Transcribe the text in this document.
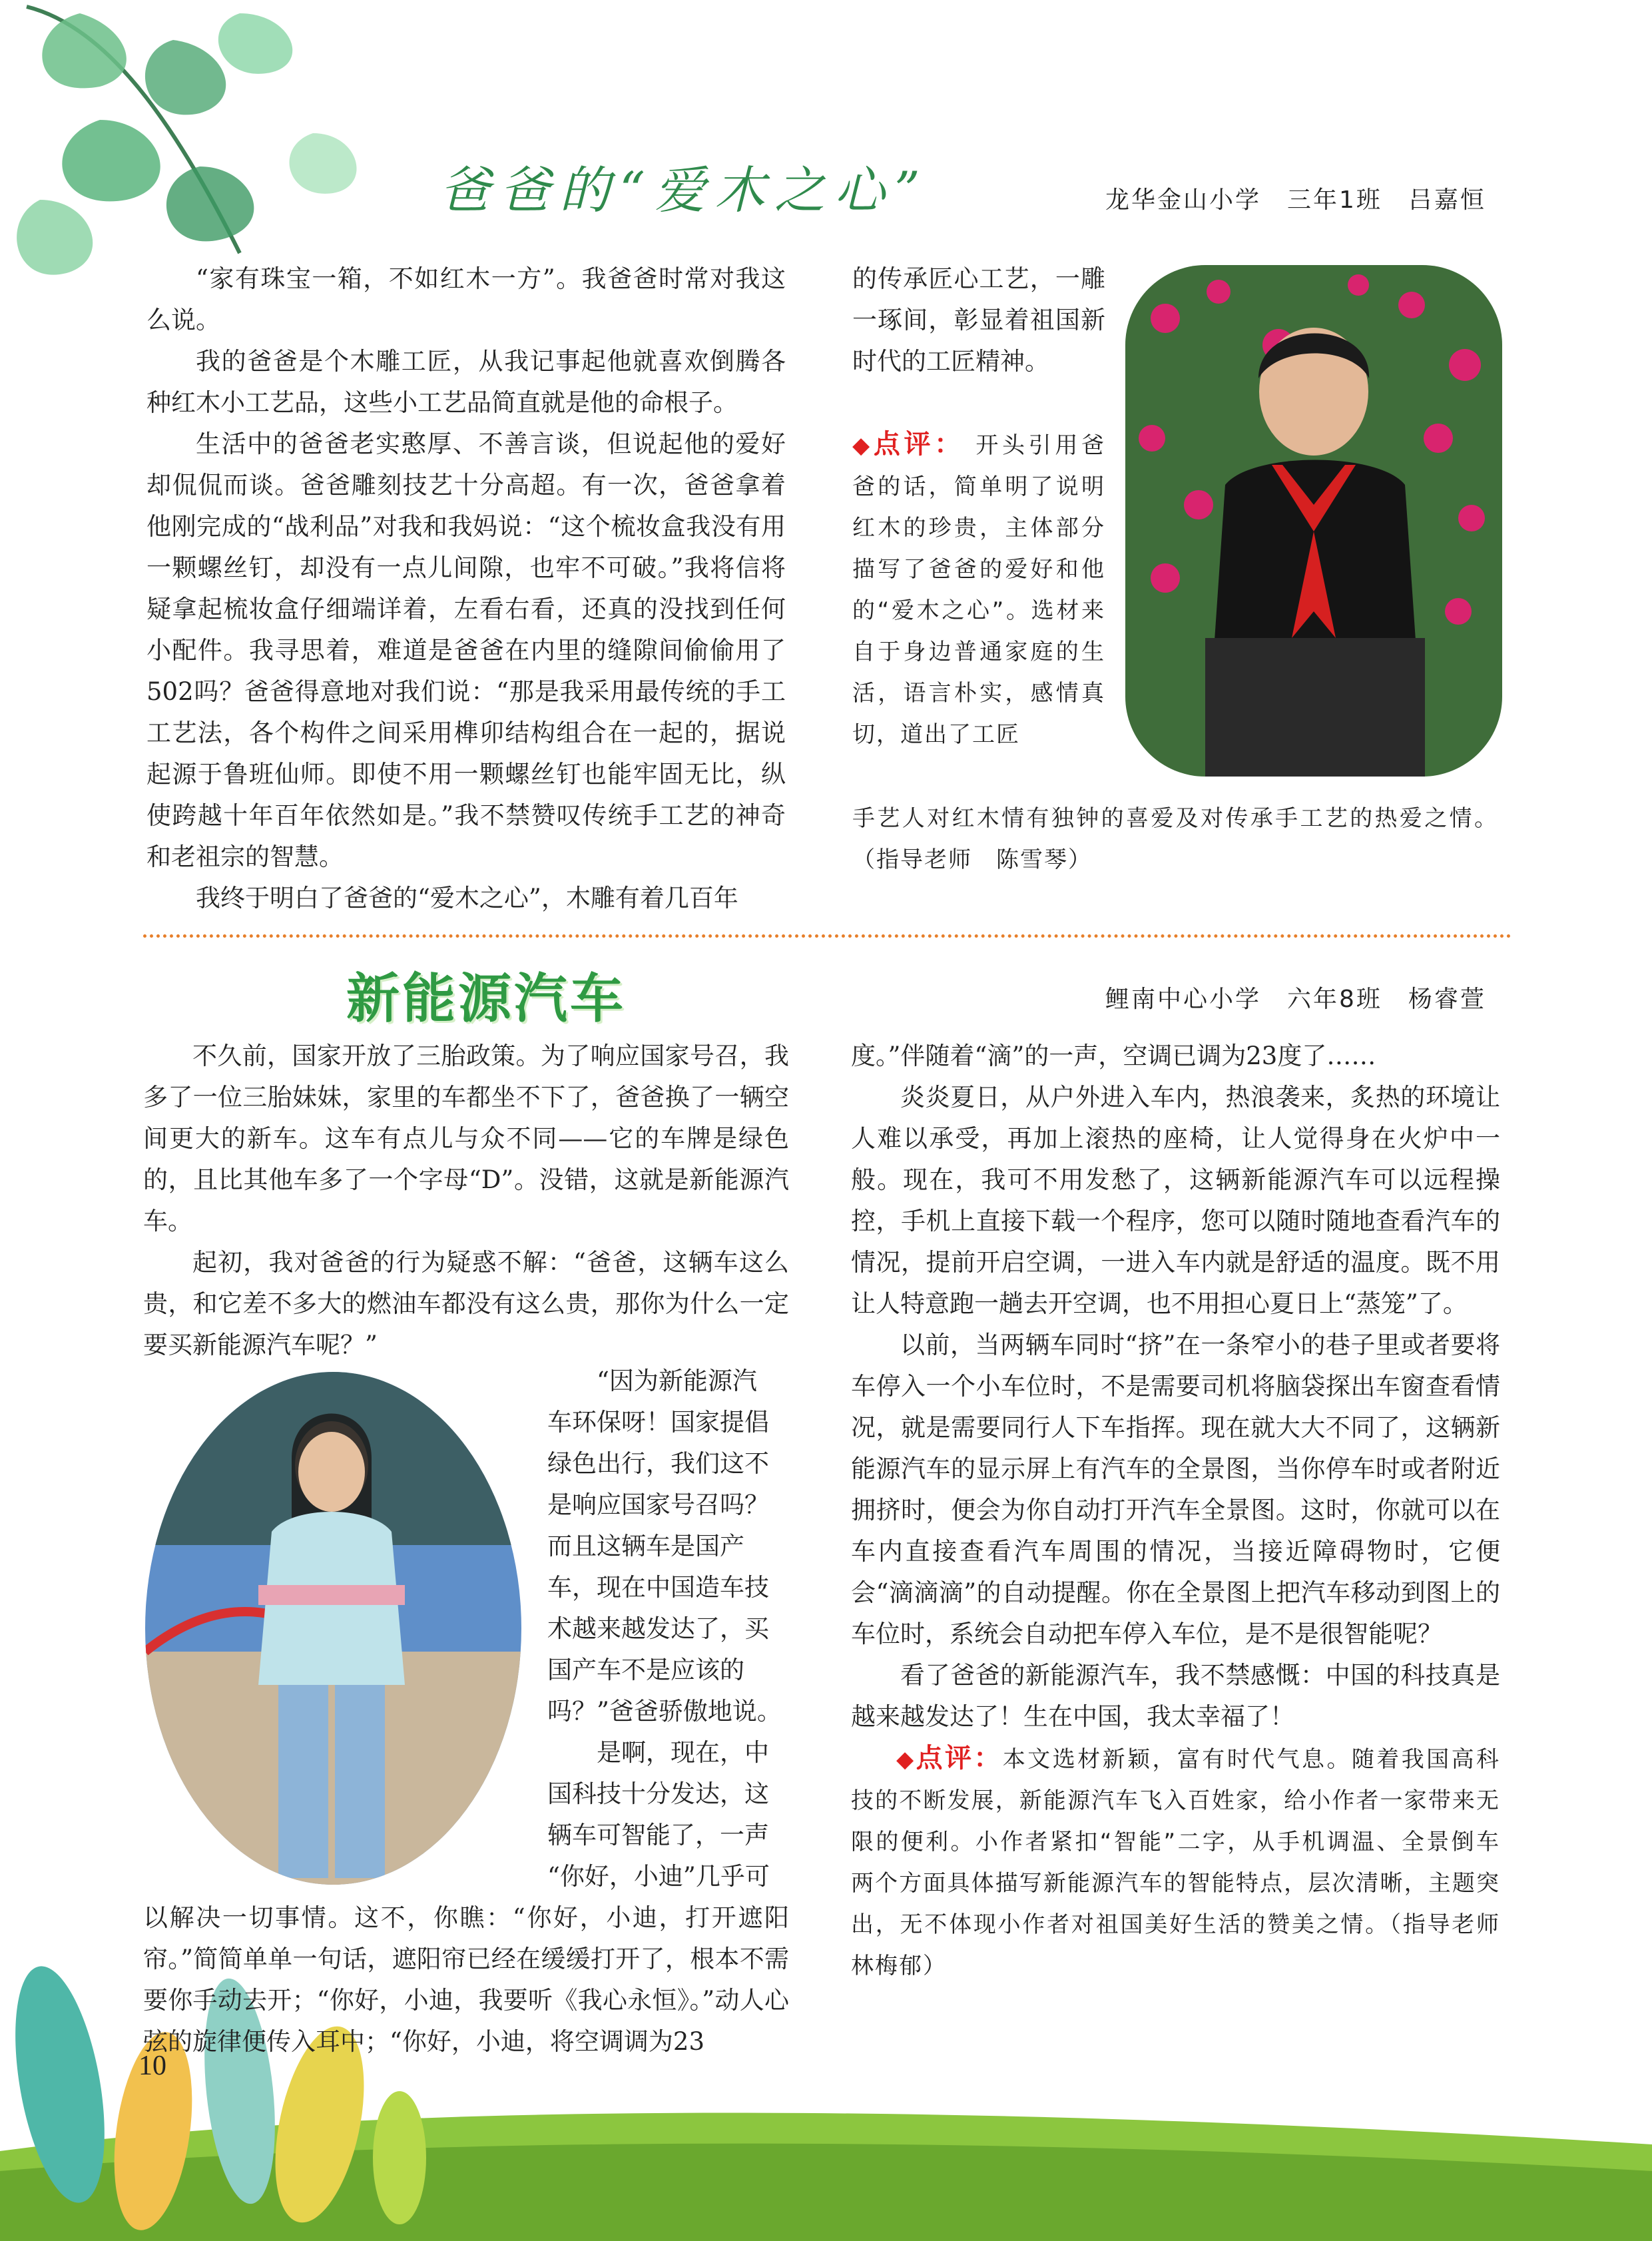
爸爸的“爱木之心”	龙华金山小学　三年1班　吕嘉恒

“家有珠宝一箱，不如红木一方”。我爸爸时常对我这么说。

我的爸爸是个木雕工匠，从我记事起他就喜欢倒腾各种红木小工艺品，这些小工艺品简直就是他的命根子。

生活中的爸爸老实憨厚、不善言谈，但说起他的爱好却侃侃而谈。爸爸雕刻技艺十分高超。有一次，爸爸拿着他刚完成的“战利品”对我和我妈说：“这个梳妆盒我没有用一颗螺丝钉，却没有一点儿间隙，也牢不可破。”我将信将疑拿起梳妆盒仔细端详着，左看右看，还真的没找到任何小配件。我寻思着，难道是爸爸在内里的缝隙间偷偷用了502吗？爸爸得意地对我们说：“那是我采用最传统的手工工艺法，各个构件之间采用榫卯结构组合在一起的，据说起源于鲁班仙师。即使不用一颗螺丝钉也能牢固无比，纵使跨越十年百年依然如是。”我不禁赞叹传统手工艺的神奇和老祖宗的智慧。

我终于明白了爸爸的“爱木之心”，木雕有着几百年

的传承匠心工艺，一雕一琢间，彰显着祖国新时代的工匠精神。

◆点评： 开头引用爸爸的话，简单明了说明红木的珍贵，主体部分描写了爸爸的爱好和他的“爱木之心”。选材来自于身边普通家庭的生活，语言朴实，感情真切，道出了工匠
手艺人对红木情有独钟的喜爱及对传承手工艺的热爱之情。（指导老师　陈雪琴）
新能源汽车	鲤南中心小学　六年8班　杨睿萱

不久前，国家开放了三胎政策。为了响应国家号召，我多了一位三胎妹妹，家里的车都坐不下了，爸爸换了一辆空间更大的新车。这车有点儿与众不同——它的车牌是绿色的，且比其他车多了一个字母“D”。没错，这就是新能源汽车。

起初，我对爸爸的行为疑惑不解：“爸爸，这辆车这么贵，和它差不多大的燃油车都没有这么贵，那你为什么一定要买新能源汽车呢？”

“因为新能源汽
车环保呀！国家提倡
绿色出行，我们这不
是响应国家号召吗？
而且这辆车是国产
车，现在中国造车技
术越来越发达了，买
国产车不是应该的
吗？”爸爸骄傲地说。
是啊，现在，中
国科技十分发达，这
辆车可智能了，一声
“你好，小迪”几乎可

以解决一切事情。这不，你瞧：“你好，小迪，打开遮阳帘。”简简单单一句话，遮阳帘已经在缓缓打开了，根本不需要你手动去开；“你好，小迪，我要听《我心永恒》。”动人心弦的旋律便传入耳中；“你好，小迪，将空调调为23

度。”伴随着“滴”的一声，空调已调为23度了……

炎炎夏日，从户外进入车内，热浪袭来，炙热的环境让人难以承受，再加上滚热的座椅，让人觉得身在火炉中一般。现在，我可不用发愁了，这辆新能源汽车可以远程操控，手机上直接下载一个程序，您可以随时随地查看汽车的情况，提前开启空调，一进入车内就是舒适的温度。既不用让人特意跑一趟去开空调，也不用担心夏日上“蒸笼”了。

以前，当两辆车同时“挤”在一条窄小的巷子里或者要将车停入一个小车位时，不是需要司机将脑袋探出车窗查看情况，就是需要同行人下车指挥。现在就大大不同了，这辆新能源汽车的显示屏上有汽车的全景图，当你停车时或者附近拥挤时，便会为你自动打开汽车全景图。这时，你就可以在车内直接查看汽车周围的情况，当接近障碍物时，它便会“滴滴滴”的自动提醒。你在全景图上把汽车移动到图上的车位时，系统会自动把车停入车位，是不是很智能呢？

看了爸爸的新能源汽车，我不禁感慨：中国的科技真是越来越发达了！生在中国，我太幸福了！

◆点评：本文选材新颖，富有时代气息。随着我国高科技的不断发展，新能源汽车飞入百姓家，给小作者一家带来无限的便利。小作者紧扣“智能”二字，从手机调温、全景倒车两个方面具体描写新能源汽车的智能特点，层次清晰，主题突出，无不体现小作者对祖国美好生活的赞美之情。（指导老师　林梅郁）
10
